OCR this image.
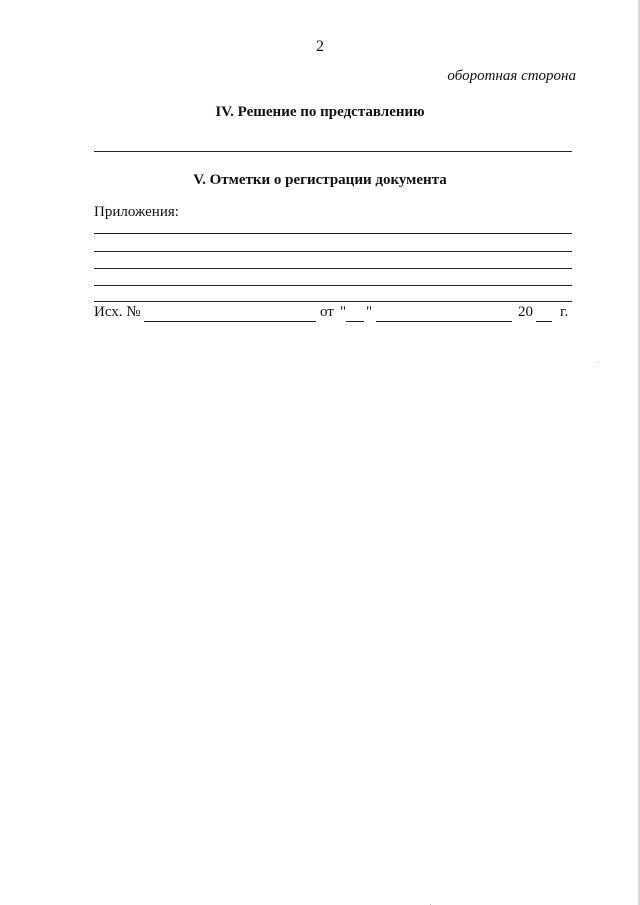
2
оборотная сторона
IV. Решение по представлению
V. Отметки о регистрации документа
Приложения:
Исх. №	от " "	20 г.
